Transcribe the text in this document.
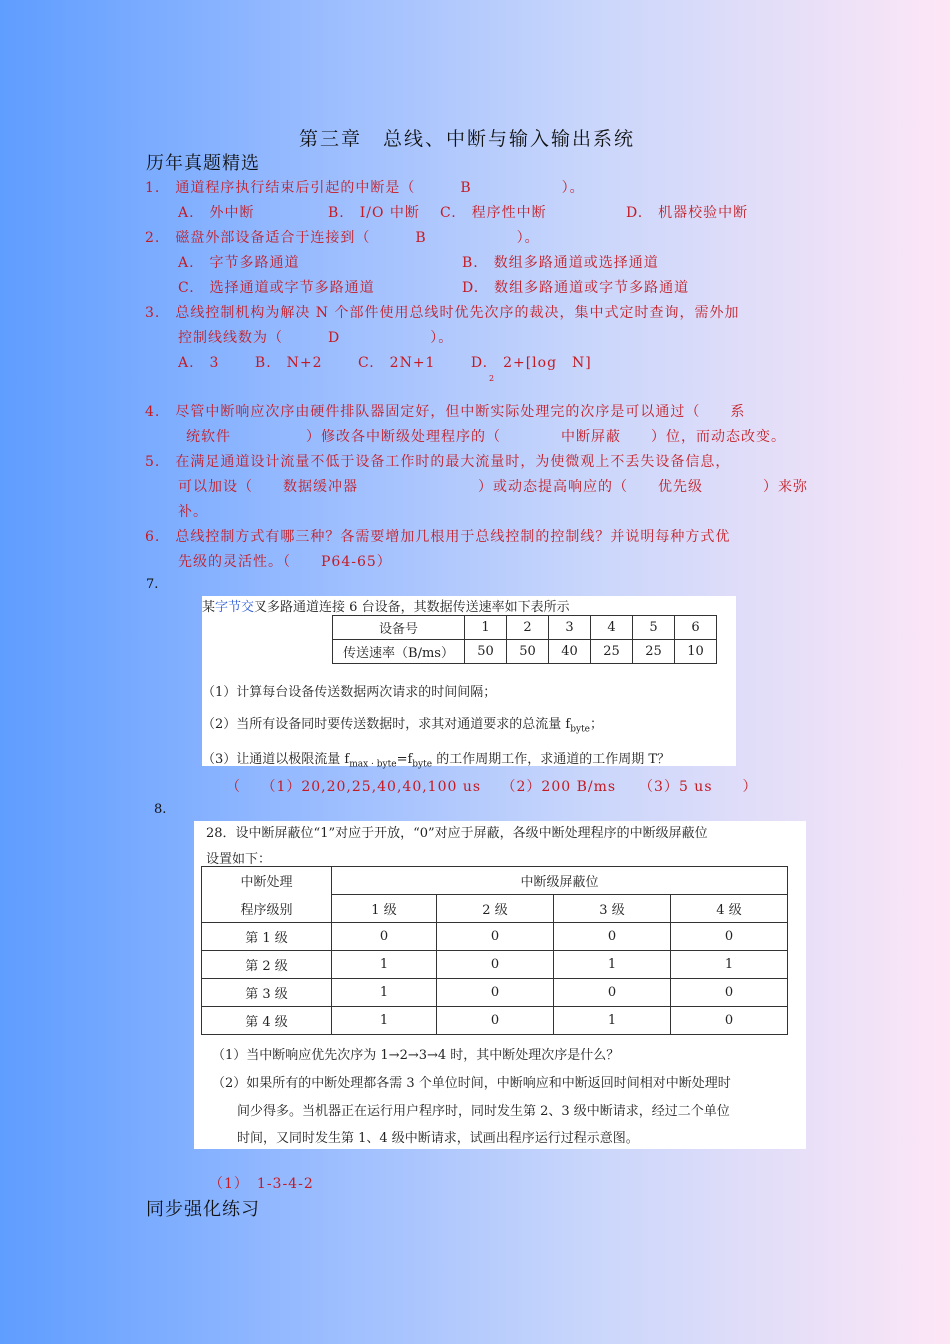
第三章　总线、中断与输入输出系统
历年真题精选
1.　通道程序执行结束后引起的中断是（　　　B　　　　　　）。
A.　外中断	B.　I/O 中断 C.　程序性中断	D.　机器校验中断
2.　磁盘外部设备适合于连接到（　　　B　　　　　　）。
A.　字节多路通道	B.　数组多路通道或选择通道
C.　选择通道或字节多路通道	D.　数组多路通道或字节多路通道
3.　总线控制机构为解决 N 个部件使用总线时优先次序的裁决，集中式定时查询，需外加
控制线线数为（　　　D　　　　　　）。
A.　3　　 B.　N+2　　 C.　2N+1　　 D.　2+[log　N]
2
4.　尽管中断响应次序由硬件排队器固定好，但中断实际处理完的次序是可以通过（　　系
统软件　　　　　）修改各中断级处理程序的（　　　　中断屏蔽　　）位，而动态改变。
5.　在满足通道设计流量不低于设备工作时的最大流量时，为使微观上不丢失设备信息，
可以加设（　　数据缓冲器　　　　　　　　）或动态提高响应的（　　优先级　　　　）来弥
补。
6.　总线控制方式有哪三种？各需要增加几根用于总线控制的控制线？并说明每种方式优
先级的灵活性。（　　P64-65）
7.
某字节交叉多路通道连接 6 台设备，其数据传送速率如下表所示
设备号	1	2	3	4	5	6
传送速率（B/ms）	50	50	40	25	25	10
（1）计算每台设备传送数据两次请求的时间间隔；
（2）当所有设备同时要传送数据时，求其对通道要求的总流量 $f_{byte}$；
（3）让通道以极限流量 $f_{max \cdot byte}=f_{byte}$ 的工作周期工作，求通道的工作周期 T？
（　 （1）20,20,25,40,40,100 us　 （2）200 B/ms　　（3）5 us　　）
8.
28．设中断屏蔽位“1”对应于开放，“0”对应于屏蔽，各级中断处理程序的中断级屏蔽位
设置如下：
中断处理	中断级屏蔽位			
程序级别	1 级	2 级	3 级	4 级
第 1 级	0	0	0	0
第 2 级	1	0	1	1
第 3 级	1	0	0	0
第 4 级	1	0	1	0
（1）当中断响应优先次序为 1→2→3→4 时，其中断处理次序是什么？
（2）如果所有的中断处理都各需 3 个单位时间，中断响应和中断返回时间相对中断处理时
间少得多。当机器正在运行用户程序时，同时发生第 2、3 级中断请求，经过二个单位
时间，又同时发生第 1、4 级中断请求，试画出程序运行过程示意图。
（1）　1-3-4-2
同步强化练习
